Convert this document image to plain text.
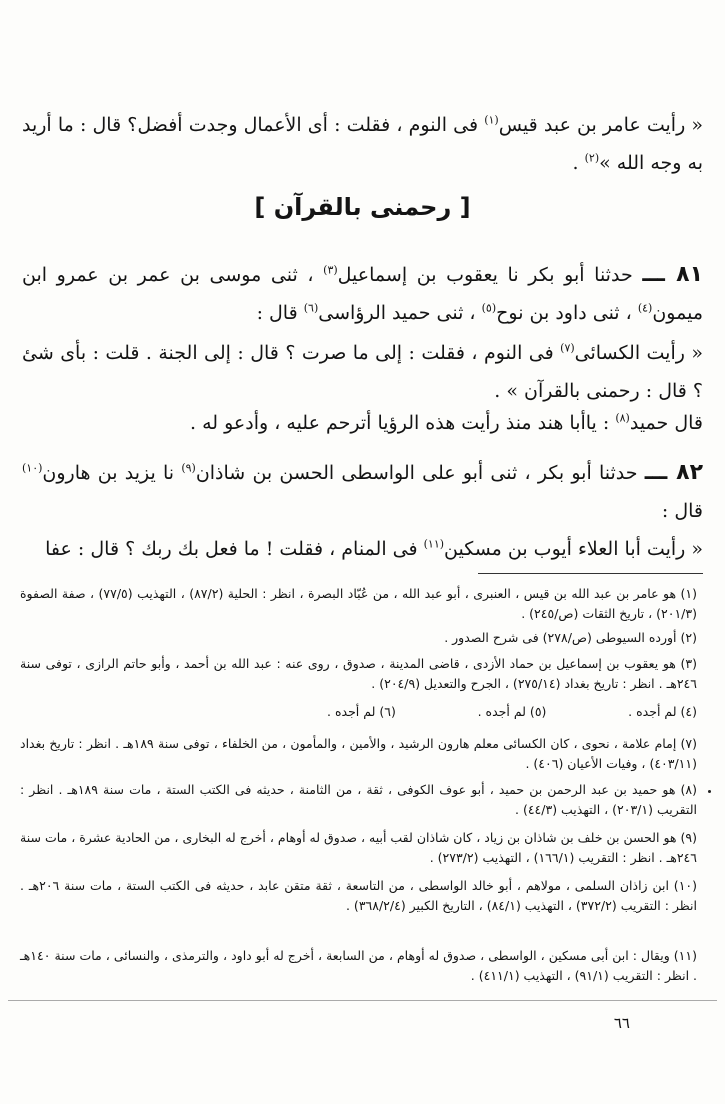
« رأيت عامر بن عبد قيس$^{(١)}$ فى النوم ، فقلت : أى الأعمال وجدت أفضل؟ قال : ما أريد به وجه الله »$^{(٢)}$ .
[ رحمنى بالقرآن ]
٨١ ـــ حدثنا أبو بكر نا يعقوب بن إسماعيل$^{(٣)}$ ، ثنى موسى بن عمر بن عمرو ابن ميمون$^{(٤)}$ ، ثنى داود بن نوح$^{(٥)}$ ، ثنى حميد الرؤاسى$^{(٦)}$ قال :
« رأيت الكسائى$^{(٧)}$ فى النوم ، فقلت : إلى ما صرت ؟ قال : إلى الجنة . قلت : بأى شئ ؟ قال : رحمنى بالقرآن » .
قال حميد$^{(٨)}$ : ياأبا هند منذ رأيت هذه الرؤيا أترحم عليه ، وأدعو له .
٨٢ ـــ حدثنا أبو بكر ، ثنى أبو على الواسطى الحسن بن شاذان$^{(٩)}$ نا يزيد بن هارون$^{(١٠)}$ قال :
« رأيت أبا العلاء أيوب بن مسكين$^{(١١)}$ فى المنام ، فقلت ! ما فعل بك ربك ؟ قال : عفا
(١) هو عامر بن عبد الله بن قيس ، العنبرى ، أبو عبد الله ، من عُبّاد البصرة ، انظر : الحلية (٨٧/٢) ، التهذيب (٧٧/٥) ، صفة الصفوة (٢٠١/٣) ، تاريخ الثقات (ص/٢٤٥) .
(٢) أورده السيوطى (ص/٢٧٨) فى شرح الصدور .
(٣) هو يعقوب بن إسماعيل بن حماد الأزدى ، قاضى المدينة ، صدوق ، روى عنه : عبد الله بن أحمد ، وأبو حاتم الرازى ، توفى سنة ٢٤٦هـ . انظر : تاريخ بغداد (٢٧٥/١٤) ، الجرح والتعديل (٢٠٤/٩) .
(٤) لم أجده .
(٥) لم أجده .
(٦) لم أجده .
(٧) إمام علامة ، نحوى ، كان الكسائى معلم هارون الرشيد ، والأمين ، والمأمون ، من الخلفاء ، توفى سنة ١٨٩هـ . انظر : تاريخ بغداد (٤٠٣/١١) ، وفيات الأعيان (٤٠٦) .
(٨) هو حميد بن عبد الرحمن بن حميد ، أبو عوف الكوفى ، ثقة ، من الثامنة ، حديثه فى الكتب الستة ، مات سنة ١٨٩هـ . انظر : التقريب (٢٠٣/١) ، التهذيب (٤٤/٣) .
(٩) هو الحسن بن خلف بن شاذان بن زياد ، كان شاذان لقب أبيه ، صدوق له أوهام ، أخرج له البخارى ، من الحادية عشرة ، مات سنة ٢٤٦هـ . انظر : التقريب (١٦٦/١) ، التهذيب (٢٧٣/٢) .
(١٠) ابن زاذان السلمى ، مولاهم ، أبو خالد الواسطى ، من التاسعة ، ثقة متقن عابد ، حديثه فى الكتب الستة ، مات سنة ٢٠٦هـ . انظر : التقريب (٣٧٢/٢) ، التهذيب (٨٤/١) ، التاريخ الكبير (٣٦٨/٢/٤) .
(١١) ويقال : ابن أبى مسكين ، الواسطى ، صدوق له أوهام ، من السابعة ، أخرج له أبو داود ، والترمذى ، والنسائى ، مات سنة ١٤٠هـ . انظر : التقريب (٩١/١) ، التهذيب (٤١١/١) .
٦٦
